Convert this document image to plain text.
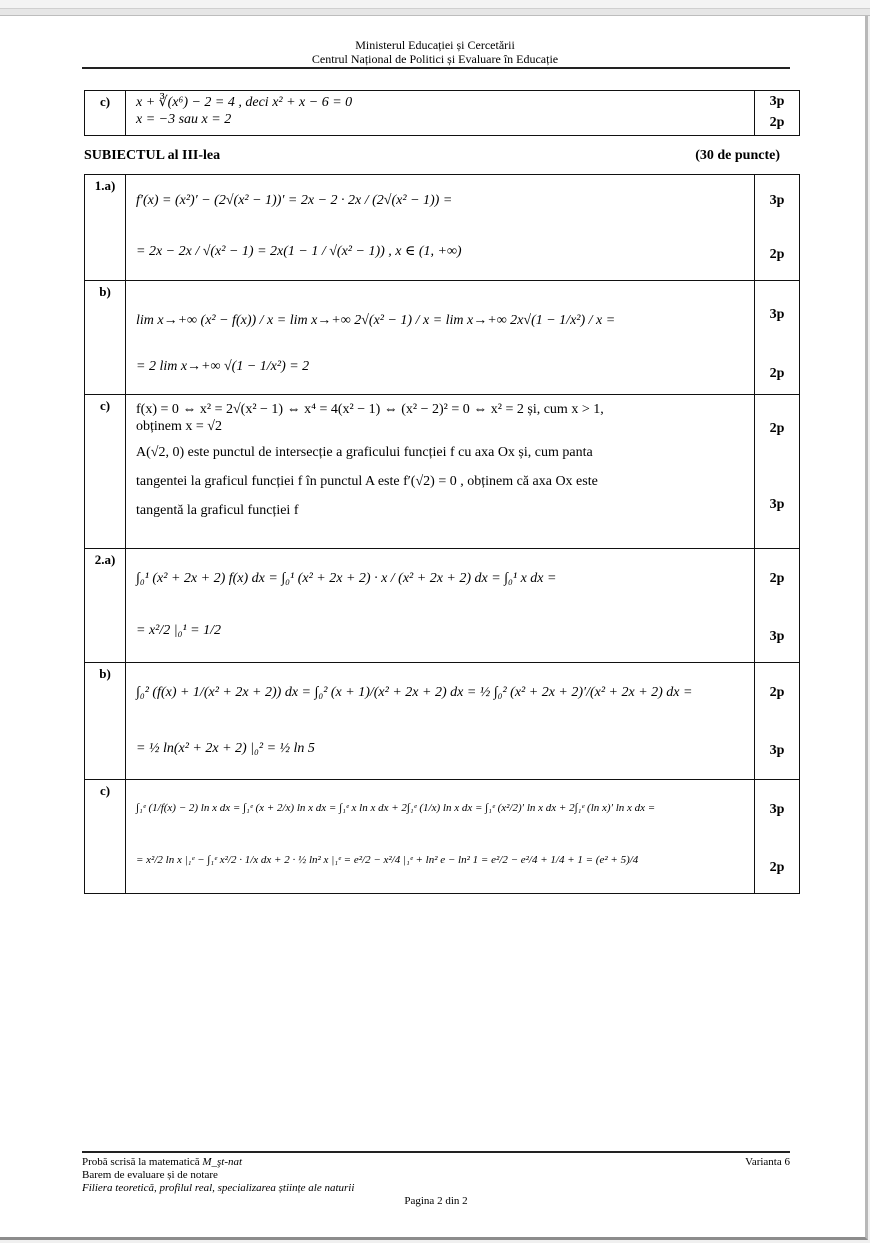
Ministerul Educației și Cercetării
Centrul Național de Politici și Evaluare în Educație
c)	x + ∛(x⁶) − 2 = 4 , deci x² + x − 6 = 0
x = −3 sau x = 2

3p
2p
SUBIECTUL al III-lea	(30 de puncte)
1.a)	
f′(x) = (x²)′ − (2√(x² − 1))′ = 2x − 2 · 2x / (2√(x² − 1)) =
= 2x − 2x / √(x² − 1) = 2x(1 − 1 / √(x² − 1)) , x ∈ (1, +∞)

3p
2p

b)	
lim x→+∞ (x² − f(x)) / x = lim x→+∞ 2√(x² − 1) / x = lim x→+∞ 2x√(1 − 1/x²) / x =
= 2 lim x→+∞ √(1 − 1/x²) = 2

3p
2p

c)	f(x) = 0 ⇔ x² = 2√(x² − 1) ⇔ x⁴ = 4(x² − 1) ⇔ (x² − 2)² = 0 ⇔ x² = 2 și, cum x > 1,
obținem x = √2
A(√2, 0) este punctul de intersecție a graficului funcției f cu axa Ox și, cum panta
tangentei la graficul funcției f în punctul A este f′(√2) = 0 , obținem că axa Ox este
tangentă la graficul funcției f

2p
3p

2.a)	
∫₀¹ (x² + 2x + 2) f(x) dx = ∫₀¹ (x² + 2x + 2) · x / (x² + 2x + 2) dx = ∫₀¹ x dx =
= x²/2 |₀¹ = 1/2

2p
3p

b)	
∫₀² (f(x) + 1/(x² + 2x + 2)) dx = ∫₀² (x + 1)/(x² + 2x + 2) dx = ½ ∫₀² (x² + 2x + 2)′/(x² + 2x + 2) dx =
= ½ ln(x² + 2x + 2) |₀² = ½ ln 5

2p
3p

c)	
∫₁ᵉ (1/f(x) − 2) ln x dx = ∫₁ᵉ (x + 2/x) ln x dx = ∫₁ᵉ x ln x dx + 2∫₁ᵉ (1/x) ln x dx = ∫₁ᵉ (x²/2)′ ln x dx + 2∫₁ᵉ (ln x)′ ln x dx =
= x²/2 ln x |₁ᵉ − ∫₁ᵉ x²/2 · 1/x dx + 2 · ½ ln² x |₁ᵉ = e²/2 − x²/4 |₁ᵉ + ln² e − ln² 1 = e²/2 − e²/4 + 1/4 + 1 = (e² + 5)/4

3p
2p
Probă scrisă la matematică M_şt-nat	Varianta 6
Barem de evaluare și de notare
Filiera teoretică, profilul real, specializarea științe ale naturii
Pagina 2 din 2
